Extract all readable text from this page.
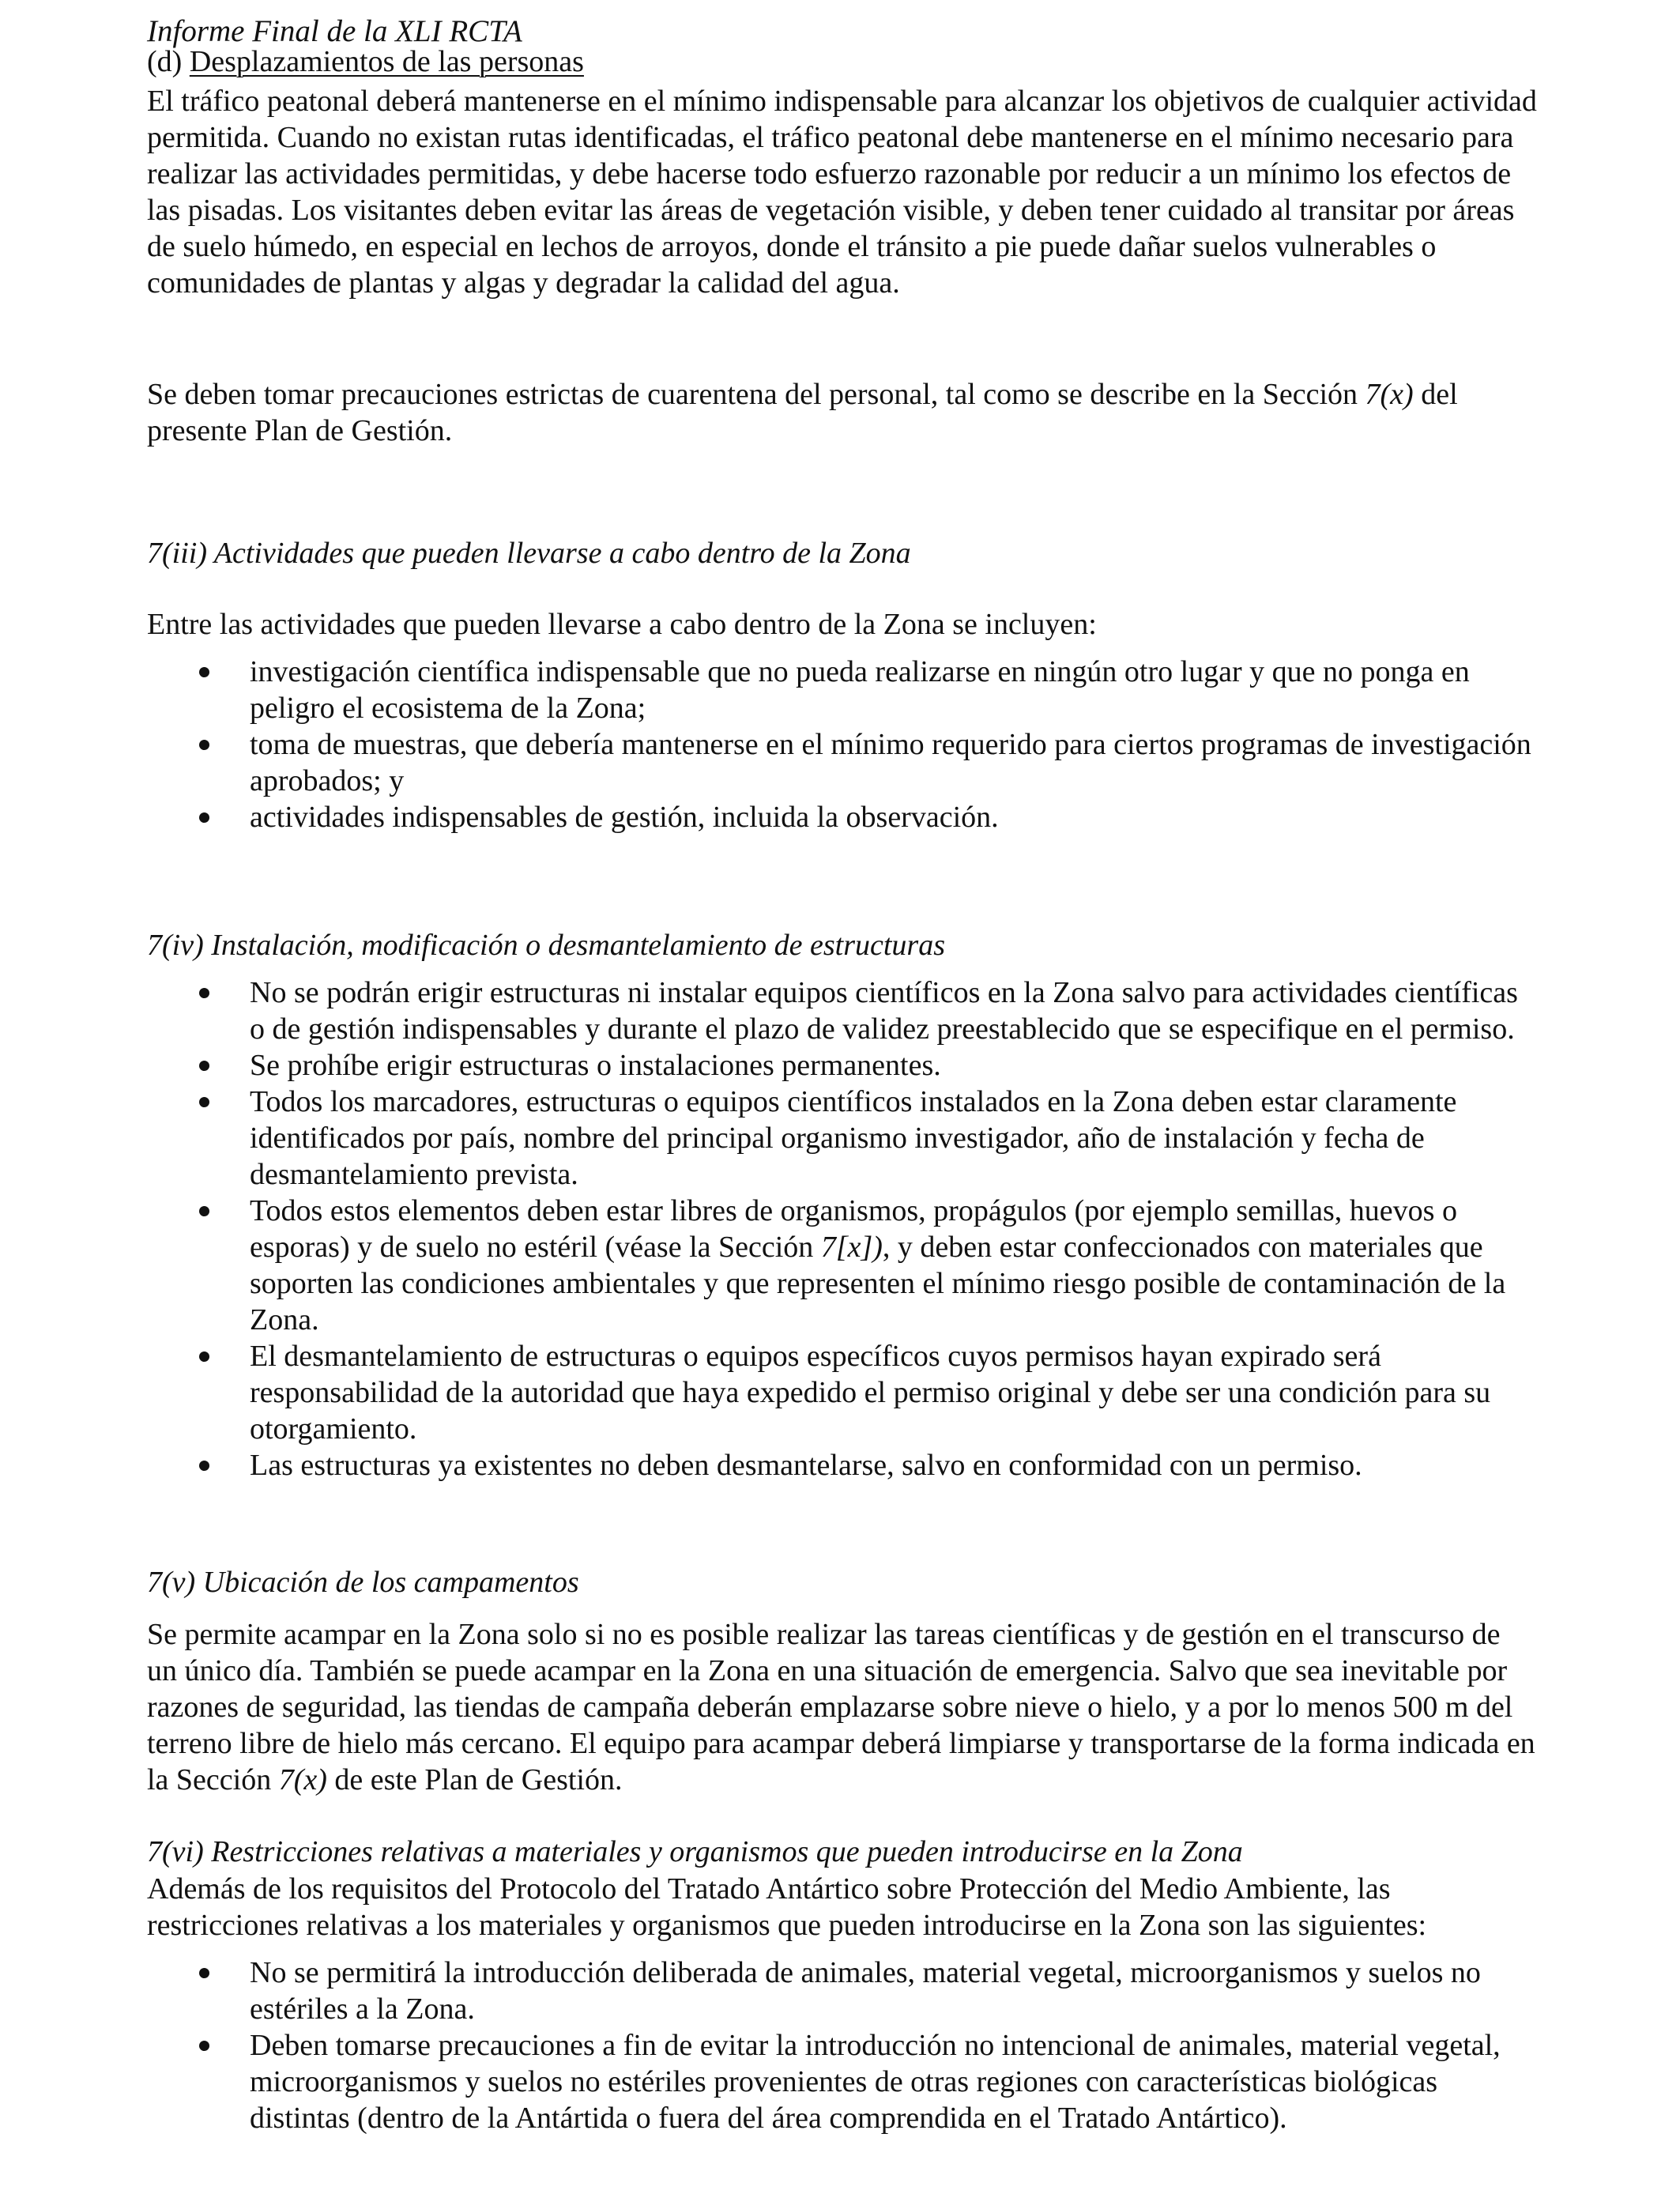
Informe Final de la XLI RCTA
(d) Desplazamientos de las personas

El tráfico peatonal deberá mantenerse en el mínimo indispensable para alcanzar los objetivos de cualquier actividad permitida. Cuando no existan rutas identificadas, el tráfico peatonal debe mantenerse en el mínimo necesario para realizar las actividades permitidas, y debe hacerse todo esfuerzo razonable por reducir a un mínimo los efectos de las pisadas. Los visitantes deben evitar las áreas de vegetación visible, y deben tener cuidado al transitar por áreas de suelo húmedo, en especial en lechos de arroyos, donde el tránsito a pie puede dañar suelos vulnerables o comunidades de plantas y algas y degradar la calidad del agua.

Se deben tomar precauciones estrictas de cuarentena del personal, tal como se describe en la Sección 7(x) del presente Plan de Gestión.

7(iii) Actividades que pueden llevarse a cabo dentro de la Zona

Entre las actividades que pueden llevarse a cabo dentro de la Zona se incluyen:

investigación científica indispensable que no pueda realizarse en ningún otro lugar y que no ponga en peligro el ecosistema de la Zona;
toma de muestras, que debería mantenerse en el mínimo requerido para ciertos programas de investigación aprobados; y
actividades indispensables de gestión, incluida la observación.
7(iv) Instalación, modificación o desmantelamiento de estructuras
No se podrán erigir estructuras ni instalar equipos científicos en la Zona salvo para actividades científicas o de gestión indispensables y durante el plazo de validez preestablecido que se especifique en el permiso.
Se prohíbe erigir estructuras o instalaciones permanentes.
Todos los marcadores, estructuras o equipos científicos instalados en la Zona deben estar claramente identificados por país, nombre del principal organismo investigador, año de instalación y fecha de desmantelamiento prevista.
Todos estos elementos deben estar libres de organismos, propágulos (por ejemplo semillas, huevos o esporas) y de suelo no estéril (véase la Sección 7[x]), y deben estar confeccionados con materiales que soporten las condiciones ambientales y que representen el mínimo riesgo posible de contaminación de la Zona.
El desmantelamiento de estructuras o equipos específicos cuyos permisos hayan expirado será responsabilidad de la autoridad que haya expedido el permiso original y debe ser una condición para su otorgamiento.
Las estructuras ya existentes no deben desmantelarse, salvo en conformidad con un permiso.
7(v) Ubicación de los campamentos

Se permite acampar en la Zona solo si no es posible realizar las tareas científicas y de gestión en el transcurso de un único día. También se puede acampar en la Zona en una situación de emergencia. Salvo que sea inevitable por razones de seguridad, las tiendas de campaña deberán emplazarse sobre nieve o hielo, y a por lo menos 500 m del terreno libre de hielo más cercano. El equipo para acampar deberá limpiarse y transportarse de la forma indicada en la Sección 7(x) de este Plan de Gestión.

7(vi) Restricciones relativas a materiales y organismos que pueden introducirse en la Zona

Además de los requisitos del Protocolo del Tratado Antártico sobre Protección del Medio Ambiente, las restricciones relativas a los materiales y organismos que pueden introducirse en la Zona son las siguientes:

No se permitirá la introducción deliberada de animales, material vegetal, microorganismos y suelos no estériles a la Zona.
Deben tomarse precauciones a fin de evitar la introducción no intencional de animales, material vegetal, microorganismos y suelos no estériles provenientes de otras regiones con características biológicas distintas (dentro de la Antártida o fuera del área comprendida en el Tratado Antártico).
